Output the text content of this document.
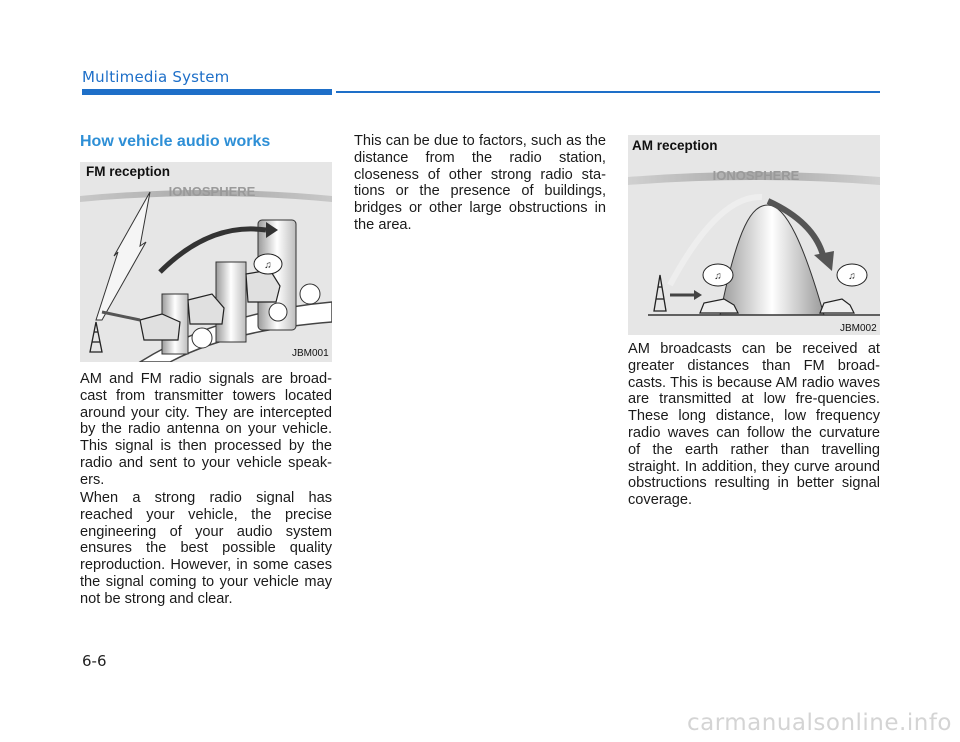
Multimedia System
How vehicle audio works
IONOSPHERE
♫
FM reception
JBM001
IONOSPHERE
♫	♫
AM reception
JBM002

AM and FM radio signals are broad-cast from transmitter towers located around your city. They are intercepted by the radio antenna on your vehicle. This signal is then processed by the radio and sent to your vehicle speak-ers.

When a strong radio signal has reached your vehicle, the precise engineering of your audio system ensures the best possible quality reproduction. However, in some cases the signal coming to your vehicle may not be strong and clear.

This can be due to factors, such as the distance from the radio station, closeness of other strong radio sta-tions or the presence of buildings, bridges or other large obstructions in the area.

AM broadcasts can be received at greater distances than FM broad-casts. This is because AM radio waves are transmitted at low fre-quencies. These long distance, low frequency radio waves can follow the curvature of the earth rather than travelling straight. In addition, they curve around obstructions resulting in better signal coverage.

6-6
carmanualsonline.info
